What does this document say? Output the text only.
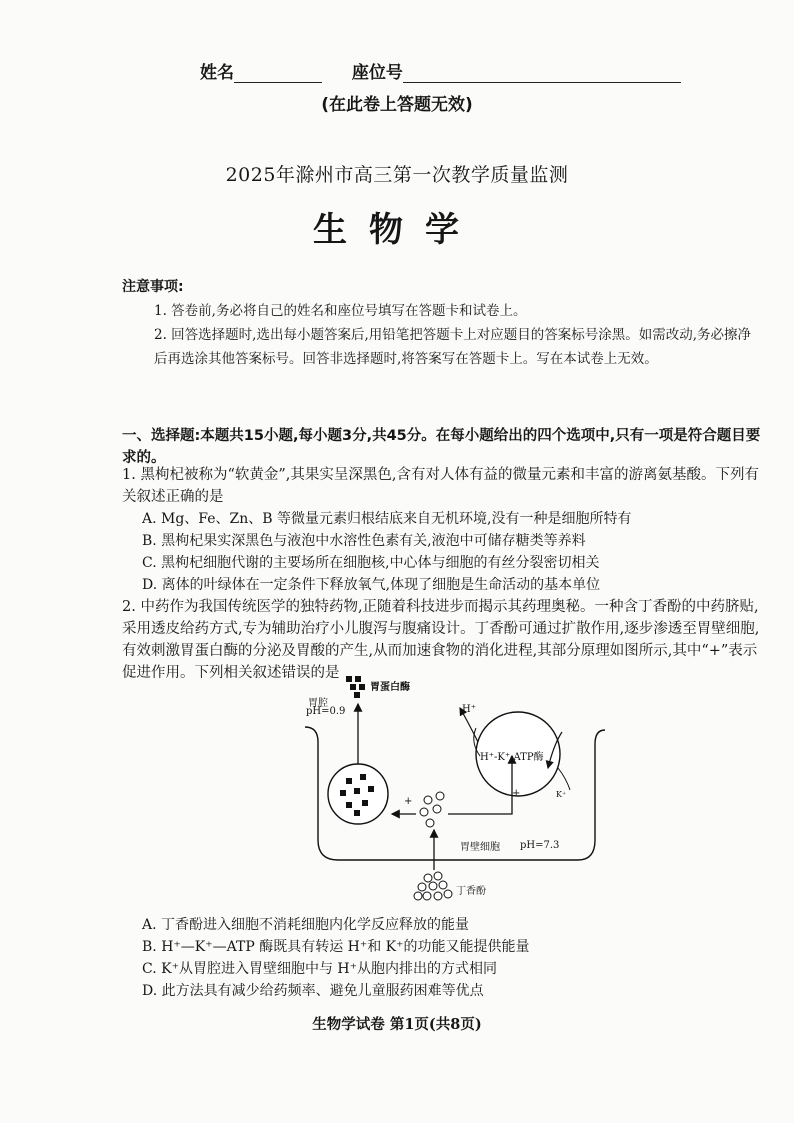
姓名	座位号
(在此卷上答题无效)
2025年滁州市高三第一次教学质量监测
生物学
注意事项:
1. 答卷前,务必将自己的姓名和座位号填写在答题卡和试卷上。
2. 回答选择题时,选出每小题答案后,用铅笔把答题卡上对应题目的答案标号涂黑。如需改动,务必擦净后再选涂其他答案标号。回答非选择题时,将答案写在答题卡上。写在本试卷上无效。
一、选择题:本题共15小题,每小题3分,共45分。在每小题给出的四个选项中,只有一项是符合题目要求的。
1. 黑枸杞被称为“软黄金”,其果实呈深黑色,含有对人体有益的微量元素和丰富的游离氨基酸。下列有关叙述正确的是
A. Mg、Fe、Zn、B 等微量元素归根结底来自无机环境,没有一种是细胞所特有
B. 黑枸杞果实深黑色与液泡中水溶性色素有关,液泡中可储存糖类等养料
C. 黑枸杞细胞代谢的主要场所在细胞核,中心体与细胞的有丝分裂密切相关
D. 离体的叶绿体在一定条件下释放氧气,体现了细胞是生命活动的基本单位
2. 中药作为我国传统医学的独特药物,正随着科技进步而揭示其药理奥秘。一种含丁香酚的中药脐贴,采用透皮给药方式,专为辅助治疗小儿腹泻与腹痛设计。丁香酚可通过扩散作用,逐步渗透至胃壁细胞,有效刺激胃蛋白酶的分泌及胃酸的产生,从而加速食物的消化进程,其部分原理如图所示,其中“+”表示促进作用。下列相关叙述错误的是
胃蛋白酶
胃腔
pH=0.9	H⁺
H⁺-K⁺-ATP酶
K⁺
+
+
胃壁细胞 pH=7.3
丁香酚
A. 丁香酚进入细胞不消耗细胞内化学反应释放的能量
B. H⁺—K⁺—ATP 酶既具有转运 H⁺和 K⁺的功能又能提供能量
C. K⁺从胃腔进入胃壁细胞中与 H⁺从胞内排出的方式相同
D. 此方法具有减少给药频率、避免儿童服药困难等优点
生物学试卷 第1页(共8页)
